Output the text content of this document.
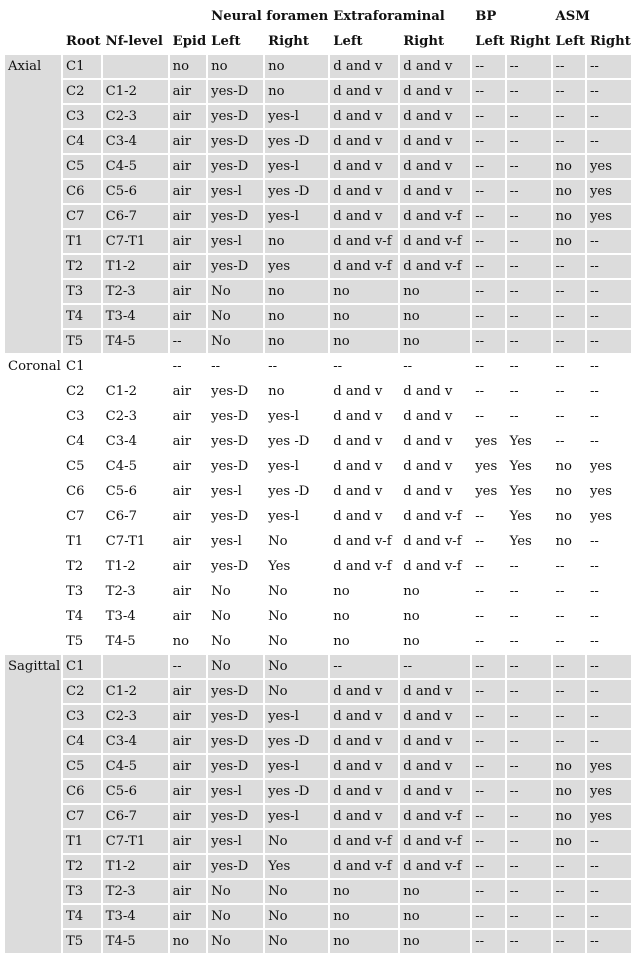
				Neural foramen		Extraforaminal		BP		ASM	
	Root	Nf-level	Epid	Left	Right	Left	Right	Left	Right	Left	Right
Axial	C1		no	no	no	d and v	d and v	--	--	--	--
	C2	C1-2	air	yes-D	no	d and v	d and v	--	--	--	--
	C3	C2-3	air	yes-D	yes-l	d and v	d and v	--	--	--	--
	C4	C3-4	air	yes-D	yes -D	d and v	d and v	--	--	--	--
	C5	C4-5	air	yes-D	yes-l	d and v	d and v	--	--	no	yes
	C6	C5-6	air	yes-l	yes -D	d and v	d and v	--	--	no	yes
	C7	C6-7	air	yes-D	yes-l	d and v	d and v-f	--	--	no	yes
	T1	C7-T1	air	yes-l	no	d and v-f	d and v-f	--	--	no	--
	T2	T1-2	air	yes-D	yes	d and v-f	d and v-f	--	--	--	--
	T3	T2-3	air	No	no	no	no	--	--	--	--
	T4	T3-4	air	No	no	no	no	--	--	--	--
	T5	T4-5	--	No	no	no	no	--	--	--	--
Coronal	C1		--	--	--	--	--	--	--	--	--
	C2	C1-2	air	yes-D	no	d and v	d and v	--	--	--	--
	C3	C2-3	air	yes-D	yes-l	d and v	d and v	--	--	--	--
	C4	C3-4	air	yes-D	yes -D	d and v	d and v	yes	Yes	--	--
	C5	C4-5	air	yes-D	yes-l	d and v	d and v	yes	Yes	no	yes
	C6	C5-6	air	yes-l	yes -D	d and v	d and v	yes	Yes	no	yes
	C7	C6-7	air	yes-D	yes-l	d and v	d and v-f	--	Yes	no	yes
	T1	C7-T1	air	yes-l	No	d and v-f	d and v-f	--	Yes	no	--
	T2	T1-2	air	yes-D	Yes	d and v-f	d and v-f	--	--	--	--
	T3	T2-3	air	No	No	no	no	--	--	--	--
	T4	T3-4	air	No	No	no	no	--	--	--	--
	T5	T4-5	no	No	No	no	no	--	--	--	--
Sagittal	C1		--	No	No	--	--	--	--	--	--
	C2	C1-2	air	yes-D	No	d and v	d and v	--	--	--	--
	C3	C2-3	air	yes-D	yes-l	d and v	d and v	--	--	--	--
	C4	C3-4	air	yes-D	yes -D	d and v	d and v	--	--	--	--
	C5	C4-5	air	yes-D	yes-l	d and v	d and v	--	--	no	yes
	C6	C5-6	air	yes-l	yes -D	d and v	d and v	--	--	no	yes
	C7	C6-7	air	yes-D	yes-l	d and v	d and v-f	--	--	no	yes
	T1	C7-T1	air	yes-l	No	d and v-f	d and v-f	--	--	no	--
	T2	T1-2	air	yes-D	Yes	d and v-f	d and v-f	--	--	--	--
	T3	T2-3	air	No	No	no	no	--	--	--	--
	T4	T3-4	air	No	No	no	no	--	--	--	--
	T5	T4-5	no	No	No	no	no	--	--	--	--
